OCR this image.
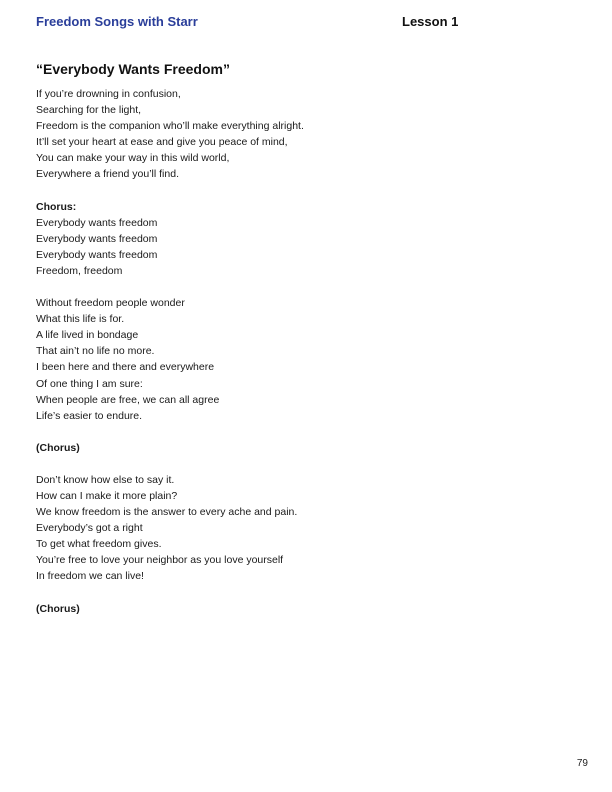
Freedom Songs with Starr	Lesson 1
“Everybody Wants Freedom”
If you’re drowning in confusion,
Searching for the light,
Freedom is the companion who’ll make everything alright.
It’ll set your heart at ease and give you peace of mind,
You can make your way in this wild world,
Everywhere a friend you’ll find.
Chorus:
Everybody wants freedom
Everybody wants freedom
Everybody wants freedom
Freedom, freedom
Without freedom people wonder
What this life is for.
A life lived in bondage
That ain’t no life no more.
I been here and there and everywhere
Of one thing I am sure:
When people are free, we can all agree
Life’s easier to endure.
(Chorus)
Don’t know how else to say it.
How can I make it more plain?
We know freedom is the answer to every ache and pain.
Everybody’s got a right
To get what freedom gives.
You’re free to love your neighbor as you love yourself
In freedom we can live!
(Chorus)
79
